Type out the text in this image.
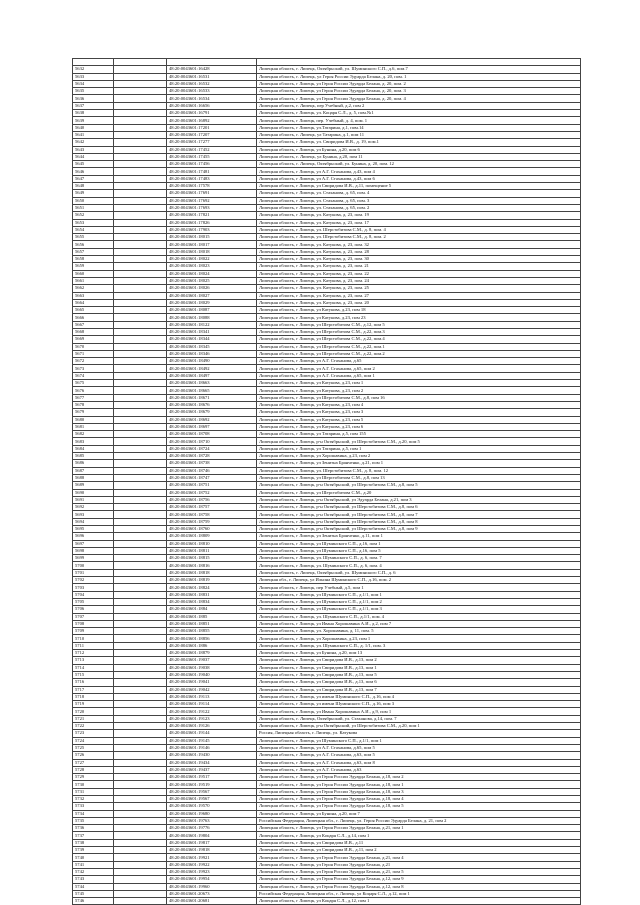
5632		48:20:0043601:16428	Липецкая область, г. Липецк, Октябрьский, ул. Шуминского С.П., д.6, пом.7
5633		48:20:0043601:16531	Липецкая область, г. Липецк, ул Героя России Эдуарда Белана, д. 20, пом. 1
5634		48:20:0043601:16532	Липецкая область, г Липецк, ул Героя России Эдуарда Белана, д. 20, пом. 2
5635		48:20:0043601:16533	Липецкая область, г Липецк, ул Героя России Эдуарда Белана, д. 20, пом. 3
5636		48:20:0043601:16534	Липецкая область, г Липецк, ул Героя России Эдуарда Белана, д. 20, пом. 4
5637		48:20:0043601:16656	Липецкая область, г. Липецк, пер Учебный, д.2, пом 2
5638		48:20:0043601:16791	Липецкая область, г Липецк, ул. Коцаря С.Л., д. 5, пом.№1
5639		48:20:0043601:16892	Липецкая область, г Липецк, пер. Учебный, д. 4, пом. 1
5640		48:20:0043601:17201	Липецкая область, г Липецк, ул.Татарина, д.1, пом.14
5641		48:20:0043601:17207	Липецкая область, г. Липецк, ул Татарина, д.1, пом 11
5642		48:20:0043601:17277	Липецкая область, г Липецк, ул. Свиридова И.В., д. 19, пом.1
5643		48:20:0043601:17452	Липецкая область, г Липецк, ул Бунина, д.20, пом 6
5644		48:20:0043601:17455	Липецкая область, г. Липецк, ул Бунина, д.20, пом 11
5645		48:20:0043601:17456	Липецкая область, г. Липецк, Октябрьский, ул. Бунина, д. 20, пом. 12
5646		48:20:0043601:17481	Липецкая область, г Липецк, ул А.Г. Стаханова, д.43, пом 4
5647		48:20:0043601:17483	Липецкая область, г Липецк, ул А.Г. Стаханова, д.43, пом 6
5648		48:20:0043601:17578	Липецкая область, г Липецк, ул Свиридова И.В., д.11, помещение 5
5649		48:20:0043601:17691	Липецкая область, г Липецк, ул. Стаханова, д. 65, пом. 4
5650		48:20:0043601:17692	Липецкая область, г Липецк, ул. Стаханова, д. 65, пом. 3
5651		48:20:0043601:17693	Липецкая область, г Липецк, ул. Стаханова, д. 65, пом. 2
5652		48:20:0043601:17821	Липецкая область, г Липецк, ул. Катукова, д. 23, пом. 19
5653		48:20:0043601:17826	Липецкая область, г Липецк, ул. Катукова, д. 23, пом. 17
5654		48:20:0043601:17903	Липецкая область, г Липецк, ул. Шерстобитова С.М., д. 8, пом. 4
5655		48:20:0043601:18015	Липецкая область, г Липецк, ул. Шерстобитова С.М., д. 8, пом. 2
5656		48:20:0043601:18017	Липецкая область, г Липецк, ул. Катукова, д. 23, пом. 32
5657		48:20:0043601:18018	Липецкая область, г Липецк, ул. Катукова, д. 23, пом. 28
5658		48:20:0043601:18022	Липецкая область, г Липецк, ул. Катукова, д. 23, пом. 30
5659		48:20:0043601:18023	Липецкая область, г Липецк, ул. Катукова, д. 23, пом. 21
5660		48:20:0043601:18024	Липецкая область, г Липецк, ул. Катукова, д. 23, пом. 22
5661		48:20:0043601:18025	Липецкая область, г Липецк, ул. Катукова, д. 23, пом. 24
5662		48:20:0043601:18026	Липецкая область, г Липецк, ул. Катукова, д. 23, пом. 25
5663		48:20:0043601:18027	Липецкая область, г Липецк, ул. Катукова, д. 23, пом. 27
5664		48:20:0043601:18029	Липецкая область, г Липецк, ул. Катукова, д. 23, пом. 20
5665		48:20:0043601:18087	Липецкая область, г Липецк, ул Катукова, д.23, пом 18
5666		48:20:0043601:18088	Липецкая область, г Липецк, ул Катукова, д.23, пом 23
5667		48:20:0043601:18122	Липецкая область, г Липецк, ул Шерстобитова С.М., д.12, пом 5
5668		48:20:0043601:18341	Липецкая область, г Липецк, ул Шерстобитова С.М., д.22, пом.3
5669		48:20:0043601:18344	Липецкая область, г Липецк, ул Шерстобитова С.М., д.22, пом.4
5670		48:20:0043601:18345	Липецкая область, г Липецк, ул Шерстобитова С.М., д.22, пом.1
5671		48:20:0043601:18346	Липецкая область, г Липецк, ул Шерстобитова С.М., д.22, пом.2
5672		48:20:0043601:18490	Липецкая область, г Липецк, ул А.Г. Стаханова, д.65
5673		48:20:0043601:18492	Липецкая область, г Липецк, ул А.Г. Стаханова, д.65, пом 2
5674		48:20:0043601:18497	Липецкая область, г Липецк, ул А.Г. Стаханова, д.65, пом 1
5675		48:20:0043601:18663	Липецкая область, г Липецк, ул Катукова, д.23, пом 1
5676		48:20:0043601:18665	Липецкая область, г Липецк, ул Катукова, д.23, пом 2
5677		48:20:0043601:18671	Липецкая область, г Липецк, ул Шерстобитова С.М., д.8, пом 16
5678		48:20:0043601:18676	Липецкая область, г Липецк, ул Катукова, д.23, пом 4
5679		48:20:0043601:18679	Липецкая область, г Липецк, ул Катукова, д.23, пом 3
5680		48:20:0043601:18692	Липецкая область, г Липецк, ул Катукова, д.23, пом 5
5681		48:20:0043601:18697	Липецкая область, г Липецк, ул Катукова, д.23, пом 6
5682		48:20:0043601:18708	Липецкая область, г Липецк, ул Татарина, д.5, пом 155
5683		48:20:0043601:18710	Липецкая область, г Липецк, р-н Октябрьский, ул Шерстобитова С.М., д.20, пом 5
5684		48:20:0043601:18724	Липецкая область, г Липецк, ул Татарина, д.5, пом 1
5685		48:20:0043601:18728	Липецкая область, г Липецк, ул Хорошавина, д.23, пом 2
5686		48:20:0043601:18738	Липецкая область, г Липецк, ул Зенитна Бранченко, д.21, пом 1
5687		48:20:0043601:18746	Липецкая область, г Липецк, ул. Шерстобитова С.М., д. 8, пом. 12
5688		48:20:0043601:18747	Липецкая область, г Липецк, ул Шерстобитова С.М., д.8, пом 13
5689		48:20:0043601:18751	Липецкая область, г Липецк, р-н Октябрьский, ул Шерстобитова С.М., д.8, пом 5
5690		48:20:0043601:18752	Липецкая область, г Липецк, ул Шерстобитова С.М., д.20
5691		48:20:0043601:18756	Липецкая область, г Липецк, р-н Октябрьский, ул Эдуарда Белана, д.21, пом 3
5692		48:20:0043601:18757	Липецкая область, г Липецк, р-н Октябрьский, ул Шерстобитова С.М., д.8, пом 6
5693		48:20:0043601:18758	Липецкая область, г Липецк, р-н Октябрьский, ул Шерстобитова С.М., д.8, пом 7
5694		48:20:0043601:18759	Липецкая область, г Липецк, р-н Октябрьский, ул Шерстобитова С.М., д.8, пом 8
5695		48:20:0043601:18760	Липецкая область, г Липецк, р-н Октябрьский, ул Шерстобитова С.М., д.8, пом 9
5696		48:20:0043601:18809	Липецкая область, г Липецк, ул Зенитна Бранченко, д.11, пом 1
5697		48:20:0043601:18810	Липецкая область, г Липецк, ул Шуминского С.П., д.16, пом 1
5698		48:20:0043601:18811	Липецкая область, г Липецк, ул Шуминского С.П., д.16, пом 5
5699		48:20:0043601:18815	Липецкая область, г Липецк, ул. Шуминского С.П., д. 6, пом. 7
5700		48:20:0043601:18816	Липецкая область, г Липецк, ул. Шуминского С.П., д. 6, пом. 4
5701		48:20:0043601:18818	Липецкая область, г. Липецк, Октябрьский, ул. Шуминского С.П., д. 6
5702		48:20:0043601:18819	Липецкая обл., г. Липецк, ул Ильина Шуминского С.П., д.16, пом. 2
5703		48:20:0043601:18824	Липецкая область, г Липецк, пер Учебный, д.5, пом 1
5704		48:20:0043601:18831	Липецкая область, г Липецк, ул Шуминского С.П., д.1/1, пом 1
5705		48:20:0043601:18834	Липецкая область, г Липецк, ул Шуминского С.П., д.1/1, пом 2
5706		48:20:0043601:1884	Липецкая область, г Липецк, ул Шуминского С.П., д.1/1, пом 3
5707		48:20:0043601:1885	Липецкая область, г Липецк, ул. Шуминского С.П., д.1/1, пом. 4
5708		48:20:0043601:18851	Липецкая область, г Липецк, ул Ивана Хорошавина А.И., д.2, пом 7
5709		48:20:0043601:18855	Липецкая область, г Липецк, ул. Хорошавина, д. 11, пом. 5
5710		48:20:0043601:18856	Липецкая область, г Липецк, ул Хорошавина, д.23, пом 1
5711		48:20:0043601:1886	Липецкая область, г Липецк, ул. Шуминского С.П., д. 1/1, пом. 3
5712		48:20:0043601:18879	Липецкая область, г Липецк, ул Бунина, д.20, пом 13
5713		48:20:0043601:19037	Липецкая область, г Липецк, ул Свиридова И.В., д.13, пом 2
5714		48:20:0043601:19038	Липецкая область, г Липецк, ул Свиридова И.В., д.13, пом 1
5715		48:20:0043601:19040	Липецкая область, г Липецк, ул Свиридова И.В., д.13, пом 5
5716		48:20:0043601:19041	Липецкая область, г Липецк, ул Свиридова И.В., д.13, пом 6
5717		48:20:0043601:19042	Липецкая область, г Липецк, ул Свиридова И.В., д.13, пом 7
5718		48:20:0043601:19113	Липецкая область, г Липецк, ул имени Шуминского С.П., д.16, пом 4
5719		48:20:0043601:19114	Липецкая область, г Липецк, ул имени Шуминского С.П., д.16, пом 3
5720		48:20:0043601:19122	Липецкая область, г Липецк, ул Ивана Хорошавина А.И., д.9, пом 1
5721		48:20:0043601:19123	Липецкая область, г. Липецк, Октябрьский, ул. Стаханова, д.14, пом. 7
5722		48:20:0043601:19126	Липецкая область, г Липецк, р-н Октябрьский, ул Шерстобитова С.М., д.20, пом 1
5723		48:20:0043601:19144	Россия, Липецкая область, г. Липецк, ул. Катукова
5724		48:20:0043601:19145	Липецкая область, г Липецк, ул Шуминского С.П., д.1/1, пом 1
5725		48:20:0043601:19146	Липецкая область, г Липецк, ул А.Г. Стаханова, д.65, пом 5
5726		48:20:0043601:19430	Липецкая область, г Липецк, ул А.Г. Стаханова, д.63, пом 5
5727		48:20:0043601:19434	Липецкая область, г Липецк, ул А.Г. Стаханова, д.63, пом 8
5728		48:20:0043601:19437	Липецкая область, г Липецк, ул А.Г. Стаханова, д.63
5729		48:20:0043601:19517	Липецкая область, г Липецк, ул Героя России Эдуарда Белана, д.18, пом 2
5730		48:20:0043601:19519	Липецкая область, г Липецк, ул Героя России Эдуарда Белана, д.18, пом 1
5731		48:20:0043601:19567	Липецкая область, г Липецк, ул Героя России Эдуарда Белана, д.18, пом 3
5732		48:20:0043601:19567	Липецкая область, г Липецк, ул Героя России Эдуарда Белана, д.18, пом 4
5733		48:20:0043601:19570	Липецкая область, г Липецк, ул Героя России Эдуарда Белана, д.18, пом 5
5734		48:20:0043601:19680	Липецкая область, г Липецк, ул Бунина, д.20, пом 7
5735		48:20:0043601:19763	Российская Федерация, Липецкая обл., г. Липецк, ул. Героя России Эдуарда Белана, д. 21, пом 2
5736		48:20:0043601:19776	Липецкая область, г Липецк, ул Героя России Эдуарда Белана, д.21, пом 1
5737		48:20:0043601:19804	Липецкая область, г Липецк, ул Коцаря С.Л., д.14, пом 1
5738		48:20:0043601:19817	Липецкая область, г Липецк, ул Свиридова И.В., д.11
5739		48:20:0043601:19818	Липецкая область, г Липецк, ул Свиридова И.В., д.11, пом 2
5740		48:20:0043601:19921	Липецкая область, г Липецк, ул Героя России Эдуарда Белана, д.21, пом 4
5741		48:20:0043601:19922	Липецкая область, г Липецк, ул Героя России Эдуарда Белана, д.21
5742		48:20:0043601:19923	Липецкая область, г Липецк, ул Героя России Эдуарда Белана, д.21, пом 5
5743		48:20:0043601:19954	Липецкая область, г Липецк, ул Героя России Эдуарда Белана, д.12, пом 9
5744		48:20:0043601:19960	Липецкая область, г Липецк, ул Героя России Эдуарда Белана, д.12, пом 8
5745		48:20:0043601:20673	Российская Федерация, Липецкая обл., г. Липецк, ул Коцаря С.Л., д.12, пом 1
5746		48:20:0043601:20681	Липецкая область, г Липецк, ул Коцаря С.Л., д.12, пом 1
